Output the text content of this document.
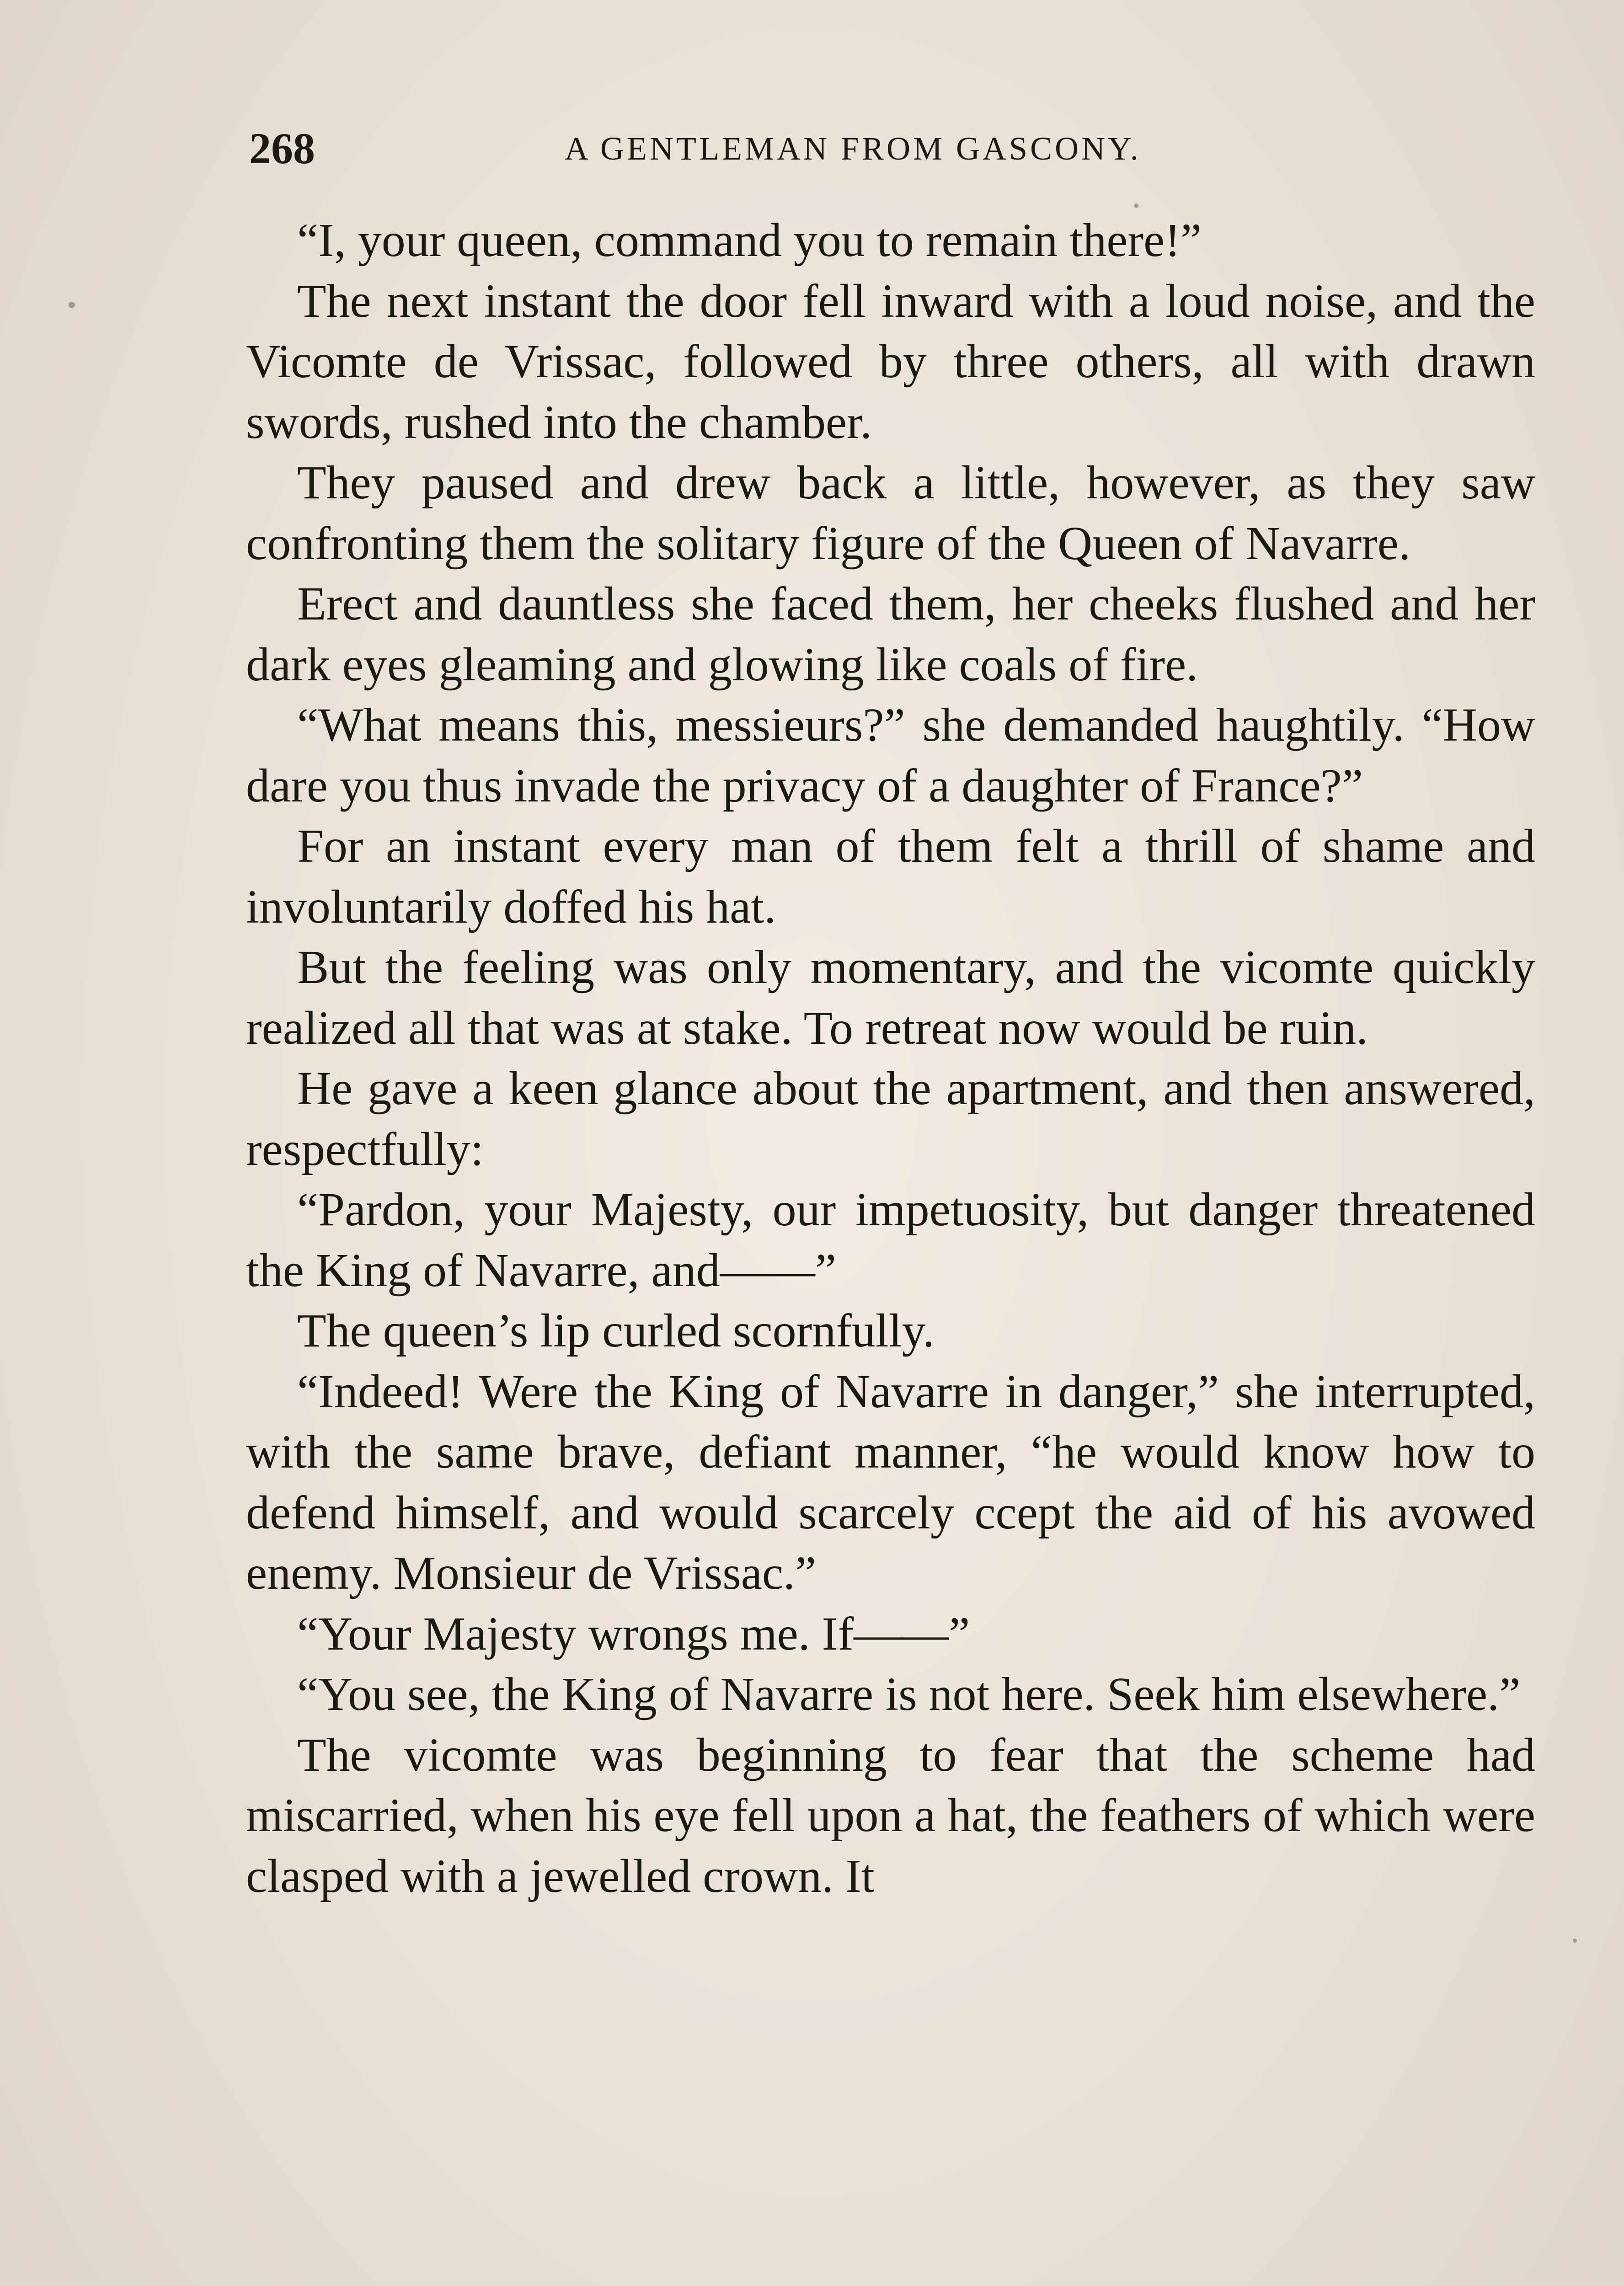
268	A GENTLEMAN FROM GASCONY.

“I, your queen, command you to remain there!”

The next instant the door fell inward with a loud noise, and the Vicomte de Vrissac, followed by three others, all with drawn swords, rushed into the chamber.

They paused and drew back a little, however, as they saw confronting them the solitary figure of the Queen of Navarre.

Erect and dauntless she faced them, her cheeks flushed and her dark eyes gleaming and glowing like coals of fire.

“What means this, messieurs?” she demanded haughtily. “How dare you thus invade the privacy of a daughter of France?”

For an instant every man of them felt a thrill of shame and involuntarily doffed his hat.

But the feeling was only momentary, and the vicomte quickly realized all that was at stake. To retreat now would be ruin.

He gave a keen glance about the apartment, and then answered, respectfully:

“Pardon, your Majesty, our impetuosity, but danger threatened the King of Navarre, and——”

The queen’s lip curled scornfully.

“Indeed! Were the King of Navarre in danger,” she interrupted, with the same brave, defiant manner, “he would know how to defend himself, and would scarcely ccept the aid of his avowed enemy. Monsieur de Vrissac.”

“Your Majesty wrongs me. If——”

“You see, the King of Navarre is not here. Seek him elsewhere.”

The vicomte was beginning to fear that the scheme had miscarried, when his eye fell upon a hat, the feathers of which were clasped with a jewelled crown. It
